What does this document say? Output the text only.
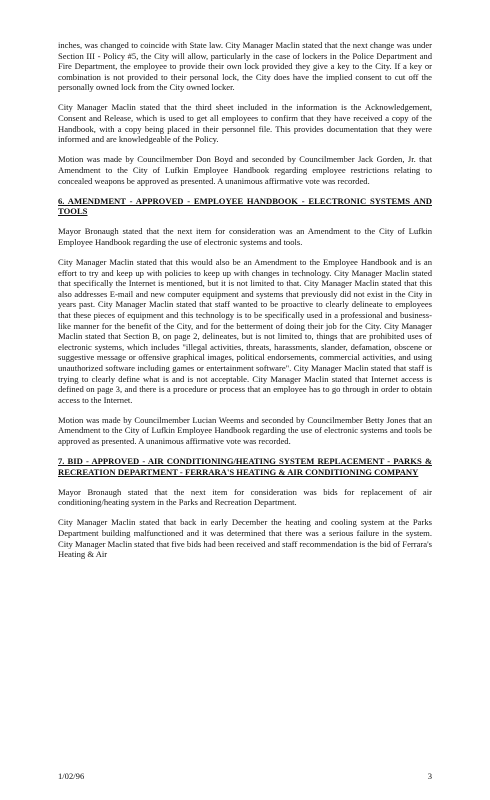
inches, was changed to coincide with State law. City Manager Maclin stated that the next change was under Section III - Policy #5, the City will allow, particularly in the case of lockers in the Police Department and Fire Department, the employee to provide their own lock provided they give a key to the City. If a key or combination is not provided to their personal lock, the City does have the implied consent to cut off the personally owned lock from the City owned locker.

City Manager Maclin stated that the third sheet included in the information is the Acknowledgement, Consent and Release, which is used to get all employees to confirm that they have received a copy of the Handbook, with a copy being placed in their personnel file. This provides documentation that they were informed and are knowledgeable of the Policy.

Motion was made by Councilmember Don Boyd and seconded by Councilmember Jack Gorden, Jr. that Amendment to the City of Lufkin Employee Handbook regarding employee restrictions relating to concealed weapons be approved as presented. A unanimous affirmative vote was recorded.

6. AMENDMENT - APPROVED - EMPLOYEE HANDBOOK - ELECTRONIC SYSTEMS AND TOOLS

Mayor Bronaugh stated that the next item for consideration was an Amendment to the City of Lufkin Employee Handbook regarding the use of electronic systems and tools.

City Manager Maclin stated that this would also be an Amendment to the Employee Handbook and is an effort to try and keep up with policies to keep up with changes in technology. City Manager Maclin stated that specifically the Internet is mentioned, but it is not limited to that. City Manager Maclin stated that this also addresses E-mail and new computer equipment and systems that previously did not exist in the City in years past. City Manager Maclin stated that staff wanted to be proactive to clearly delineate to employees that these pieces of equipment and this technology is to be specifically used in a professional and business-like manner for the benefit of the City, and for the betterment of doing their job for the City. City Manager Maclin stated that Section B, on page 2, delineates, but is not limited to, things that are prohibited uses of electronic systems, which includes "illegal activities, threats, harassments, slander, defamation, obscene or suggestive message or offensive graphical images, political endorsements, commercial activities, and using unauthorized software including games or entertainment software". City Manager Maclin stated that staff is trying to clearly define what is and is not acceptable. City Manager Maclin stated that Internet access is defined on page 3, and there is a procedure or process that an employee has to go through in order to obtain access to the Internet.

Motion was made by Councilmember Lucian Weems and seconded by Councilmember Betty Jones that an Amendment to the City of Lufkin Employee Handbook regarding the use of electronic systems and tools be approved as presented. A unanimous affirmative vote was recorded.

7. BID - APPROVED - AIR CONDITIONING/HEATING SYSTEM REPLACEMENT - PARKS & RECREATION DEPARTMENT - FERRARA'S HEATING & AIR CONDITIONING COMPANY

Mayor Bronaugh stated that the next item for consideration was bids for replacement of air conditioning/heating system in the Parks and Recreation Department.

City Manager Maclin stated that back in early December the heating and cooling system at the Parks Department building malfunctioned and it was determined that there was a serious failure in the system. City Manager Maclin stated that five bids had been received and staff recommendation is the bid of Ferrara's Heating & Air

1/02/96	3
